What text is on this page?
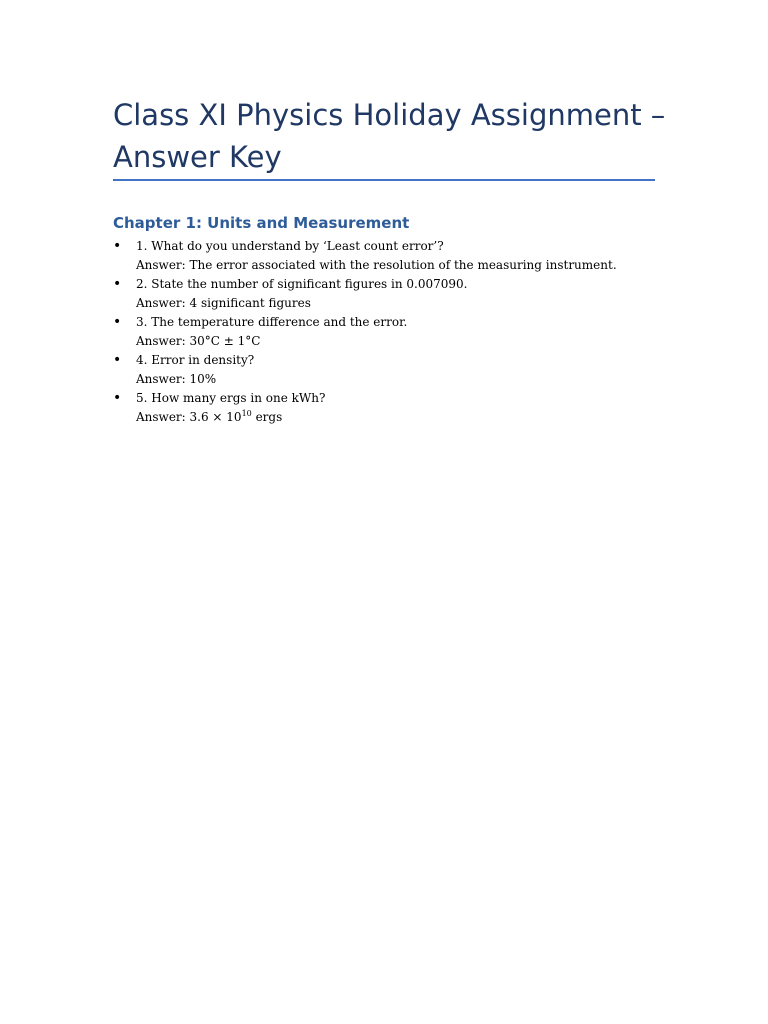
Class XI Physics Holiday Assignment – Answer Key
Chapter 1: Units and Measurement
• 1. What do you understand by ‘Least count error’?
Answer: The error associated with the resolution of the measuring instrument.
• 2. State the number of significant figures in 0.007090.
Answer: 4 significant figures
• 3. The temperature difference and the error.
Answer: 30°C ± 1°C
• 4. Error in density?
Answer: 10%
• 5. How many ergs in one kWh?
Answer: $3.6 \times 10^{10}$ ergs
